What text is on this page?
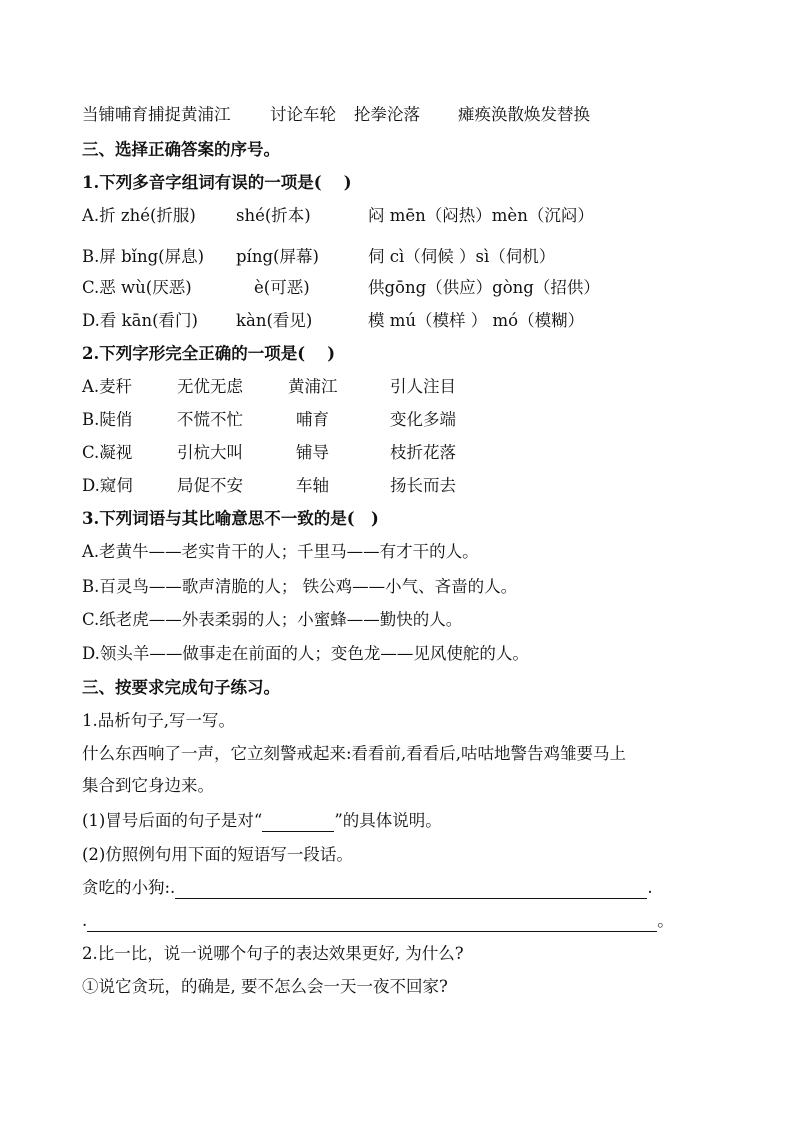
当铺哺育捕捉黄浦江 讨论车轮 抡拳沦落 瘫痪涣散焕发替换
三、选择正确答案的序号。
1.下列多音字组词有误的一项是(　 )
A.折 zhé(折服) shé(折本)	闷 mēn（闷热）mèn（沉闷）
B.屏 bǐng(屏息) píng(屏幕)	伺 cì（伺候 ）sì（伺机）
C.恶 wù(厌恶)	è(可恶)	供gōng（供应）gòng（招供）
D.看 kān(看门) kàn(看见)	模 mú（模样 ） mó（模糊）
2.下列字形完全正确的一项是(　 )
A.麦秆	无优无虑	黄浦江	引人注目
B.陡俏	不慌不忙	哺育	变化多端
C.凝视	引杭大叫	铺导	枝折花落
D.窥伺	局促不安	车轴	扬长而去
3.下列词语与其比喻意思不一致的是(　)
A.老黄牛——老实肯干的人；千里马——有才干的人。
B.百灵鸟——歌声清脆的人； 铁公鸡——小气、吝啬的人。
C.纸老虎——外表柔弱的人；小蜜蜂——勤快的人。
D.领头羊——做事走在前面的人；变色龙——见风使舵的人。
三、按要求完成句子练习。
1.品析句子,写一写。
什么东西响了一声，它立刻警戒起来:看看前,看看后,咕咕地警告鸡雏要马上
集合到它身边来。
(1)冒号后面的句子是对“	”的具体说明。
(2)仿照例句用下面的短语写一段话。
贪吃的小狗:.	.
.	。
2.比一比，说一说哪个句子的表达效果更好, 为什么?
①说它贪玩，的确是, 要不怎么会一天一夜不回家?
